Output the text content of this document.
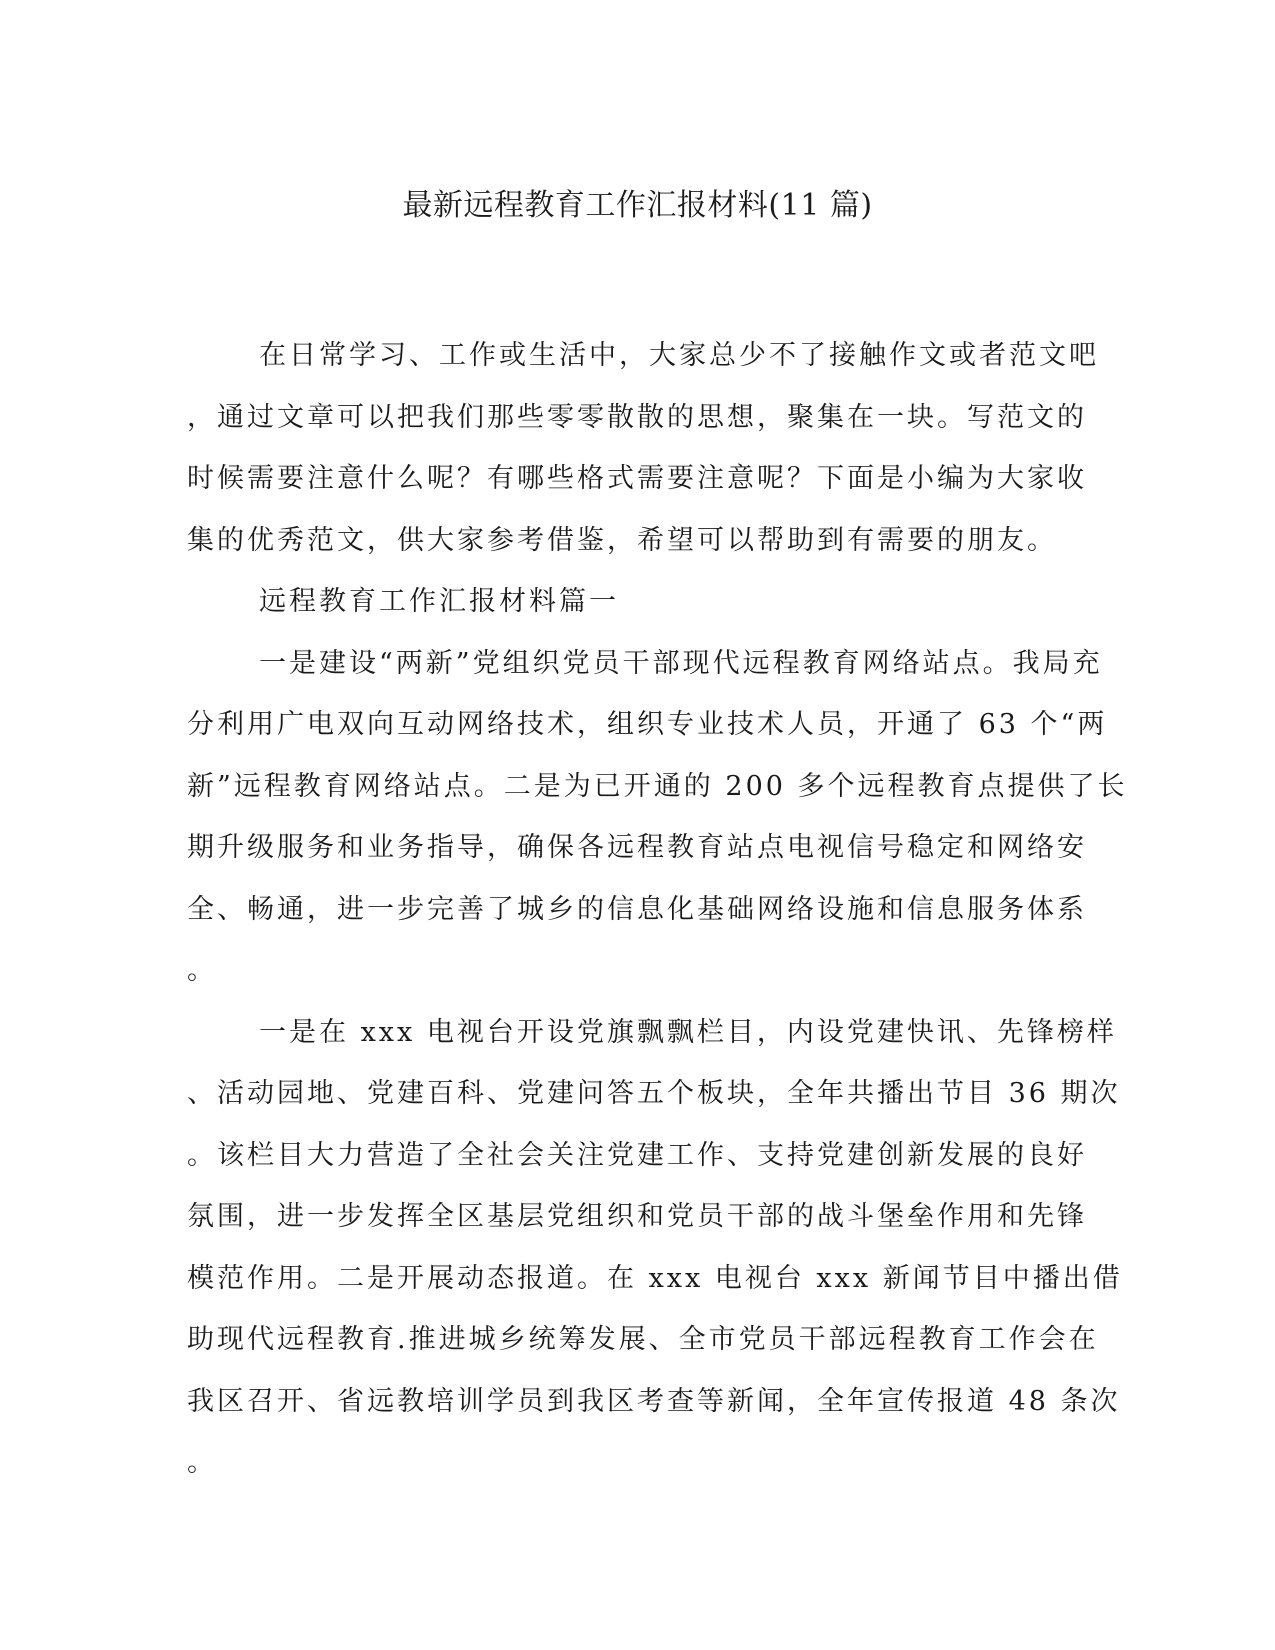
最新远程教育工作汇报材料(11 篇)
在日常学习、工作或生活中，大家总少不了接触作文或者范文吧
，通过文章可以把我们那些零零散散的思想，聚集在一块。写范文的
时候需要注意什么呢？有哪些格式需要注意呢？下面是小编为大家收
集的优秀范文，供大家参考借鉴，希望可以帮助到有需要的朋友。
远程教育工作汇报材料篇一
一是建设“两新”党组织党员干部现代远程教育网络站点。我局充
分利用广电双向互动网络技术，组织专业技术人员，开通了 63 个“两
新”远程教育网络站点。二是为已开通的 200 多个远程教育点提供了长
期升级服务和业务指导，确保各远程教育站点电视信号稳定和网络安
全、畅通，进一步完善了城乡的信息化基础网络设施和信息服务体系
。
一是在 xxx 电视台开设党旗飘飘栏目，内设党建快讯、先锋榜样
、活动园地、党建百科、党建问答五个板块，全年共播出节目 36 期次
。该栏目大力营造了全社会关注党建工作、支持党建创新发展的良好
氛围，进一步发挥全区基层党组织和党员干部的战斗堡垒作用和先锋
模范作用。二是开展动态报道。在 xxx 电视台 xxx 新闻节目中播出借
助现代远程教育.推进城乡统筹发展、全市党员干部远程教育工作会在
我区召开、省远教培训学员到我区考查等新闻，全年宣传报道 48 条次
。
